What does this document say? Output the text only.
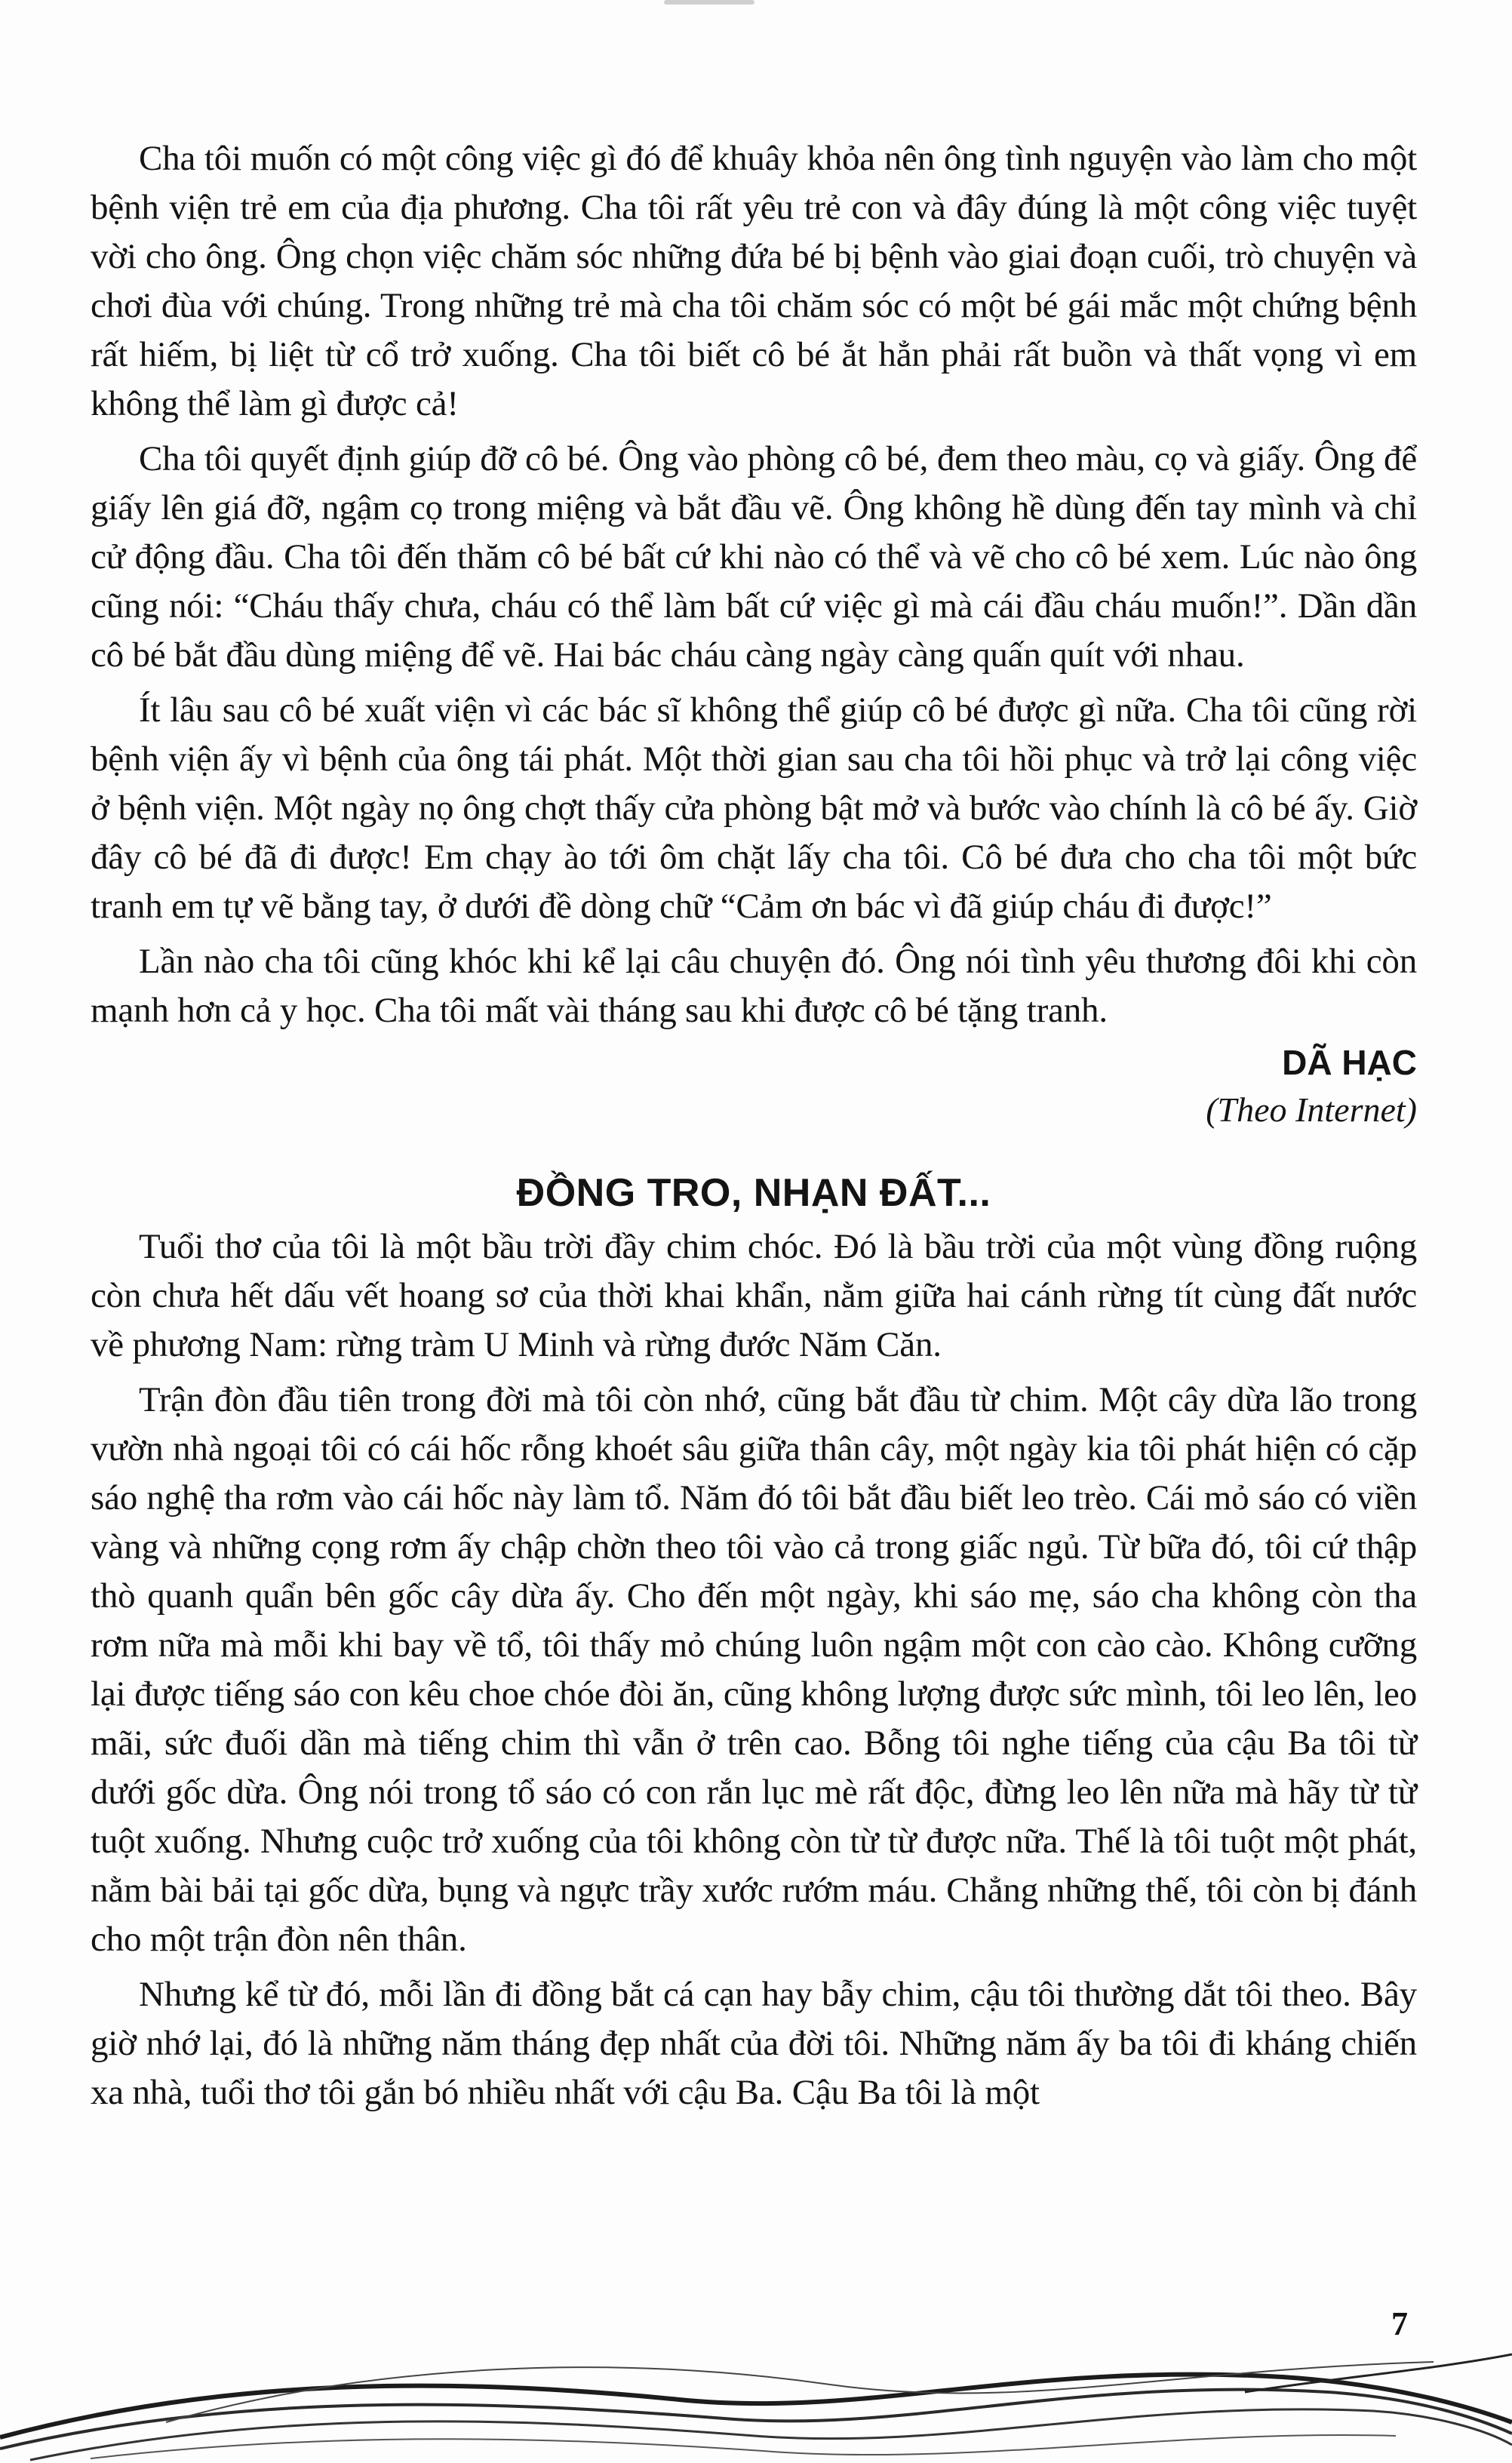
Cha tôi muốn có một công việc gì đó để khuây khỏa nên ông tình nguyện vào làm cho một bệnh viện trẻ em của địa phương. Cha tôi rất yêu trẻ con và đây đúng là một công việc tuyệt vời cho ông. Ông chọn việc chăm sóc những đứa bé bị bệnh vào giai đoạn cuối, trò chuyện và chơi đùa với chúng. Trong những trẻ mà cha tôi chăm sóc có một bé gái mắc một chứng bệnh rất hiếm, bị liệt từ cổ trở xuống. Cha tôi biết cô bé ắt hẳn phải rất buồn và thất vọng vì em không thể làm gì được cả!

Cha tôi quyết định giúp đỡ cô bé. Ông vào phòng cô bé, đem theo màu, cọ và giấy. Ông để giấy lên giá đỡ, ngậm cọ trong miệng và bắt đầu vẽ. Ông không hề dùng đến tay mình và chỉ cử động đầu. Cha tôi đến thăm cô bé bất cứ khi nào có thể và vẽ cho cô bé xem. Lúc nào ông cũng nói: “Cháu thấy chưa, cháu có thể làm bất cứ việc gì mà cái đầu cháu muốn!”. Dần dần cô bé bắt đầu dùng miệng để vẽ. Hai bác cháu càng ngày càng quấn quít với nhau.

Ít lâu sau cô bé xuất viện vì các bác sĩ không thể giúp cô bé được gì nữa. Cha tôi cũng rời bệnh viện ấy vì bệnh của ông tái phát. Một thời gian sau cha tôi hồi phục và trở lại công việc ở bệnh viện. Một ngày nọ ông chợt thấy cửa phòng bật mở và bước vào chính là cô bé ấy. Giờ đây cô bé đã đi được! Em chạy ào tới ôm chặt lấy cha tôi. Cô bé đưa cho cha tôi một bức tranh em tự vẽ bằng tay, ở dưới đề dòng chữ “Cảm ơn bác vì đã giúp cháu đi được!”

Lần nào cha tôi cũng khóc khi kể lại câu chuyện đó. Ông nói tình yêu thương đôi khi còn mạnh hơn cả y học. Cha tôi mất vài tháng sau khi được cô bé tặng tranh.

DÃ HẠC

(Theo Internet)

ĐỒNG TRO, NHẠN ĐẤT...

Tuổi thơ của tôi là một bầu trời đầy chim chóc. Đó là bầu trời của một vùng đồng ruộng còn chưa hết dấu vết hoang sơ của thời khai khẩn, nằm giữa hai cánh rừng tít cùng đất nước về phương Nam: rừng tràm U Minh và rừng đước Năm Căn.

Trận đòn đầu tiên trong đời mà tôi còn nhớ, cũng bắt đầu từ chim. Một cây dừa lão trong vườn nhà ngoại tôi có cái hốc rỗng khoét sâu giữa thân cây, một ngày kia tôi phát hiện có cặp sáo nghệ tha rơm vào cái hốc này làm tổ. Năm đó tôi bắt đầu biết leo trèo. Cái mỏ sáo có viền vàng và những cọng rơm ấy chập chờn theo tôi vào cả trong giấc ngủ. Từ bữa đó, tôi cứ thập thò quanh quẩn bên gốc cây dừa ấy. Cho đến một ngày, khi sáo mẹ, sáo cha không còn tha rơm nữa mà mỗi khi bay về tổ, tôi thấy mỏ chúng luôn ngậm một con cào cào. Không cưỡng lại được tiếng sáo con kêu choe chóe đòi ăn, cũng không lượng được sức mình, tôi leo lên, leo mãi, sức đuối dần mà tiếng chim thì vẫn ở trên cao. Bỗng tôi nghe tiếng của cậu Ba tôi từ dưới gốc dừa. Ông nói trong tổ sáo có con rắn lục mè rất độc, đừng leo lên nữa mà hãy từ từ tuột xuống. Nhưng cuộc trở xuống của tôi không còn từ từ được nữa. Thế là tôi tuột một phát, nằm bài bải tại gốc dừa, bụng và ngực trầy xước rướm máu. Chẳng những thế, tôi còn bị đánh cho một trận đòn nên thân.

Nhưng kể từ đó, mỗi lần đi đồng bắt cá cạn hay bẫy chim, cậu tôi thường dắt tôi theo. Bây giờ nhớ lại, đó là những năm tháng đẹp nhất của đời tôi. Những năm ấy ba tôi đi kháng chiến xa nhà, tuổi thơ tôi gắn bó nhiều nhất với cậu Ba. Cậu Ba tôi là một

7
